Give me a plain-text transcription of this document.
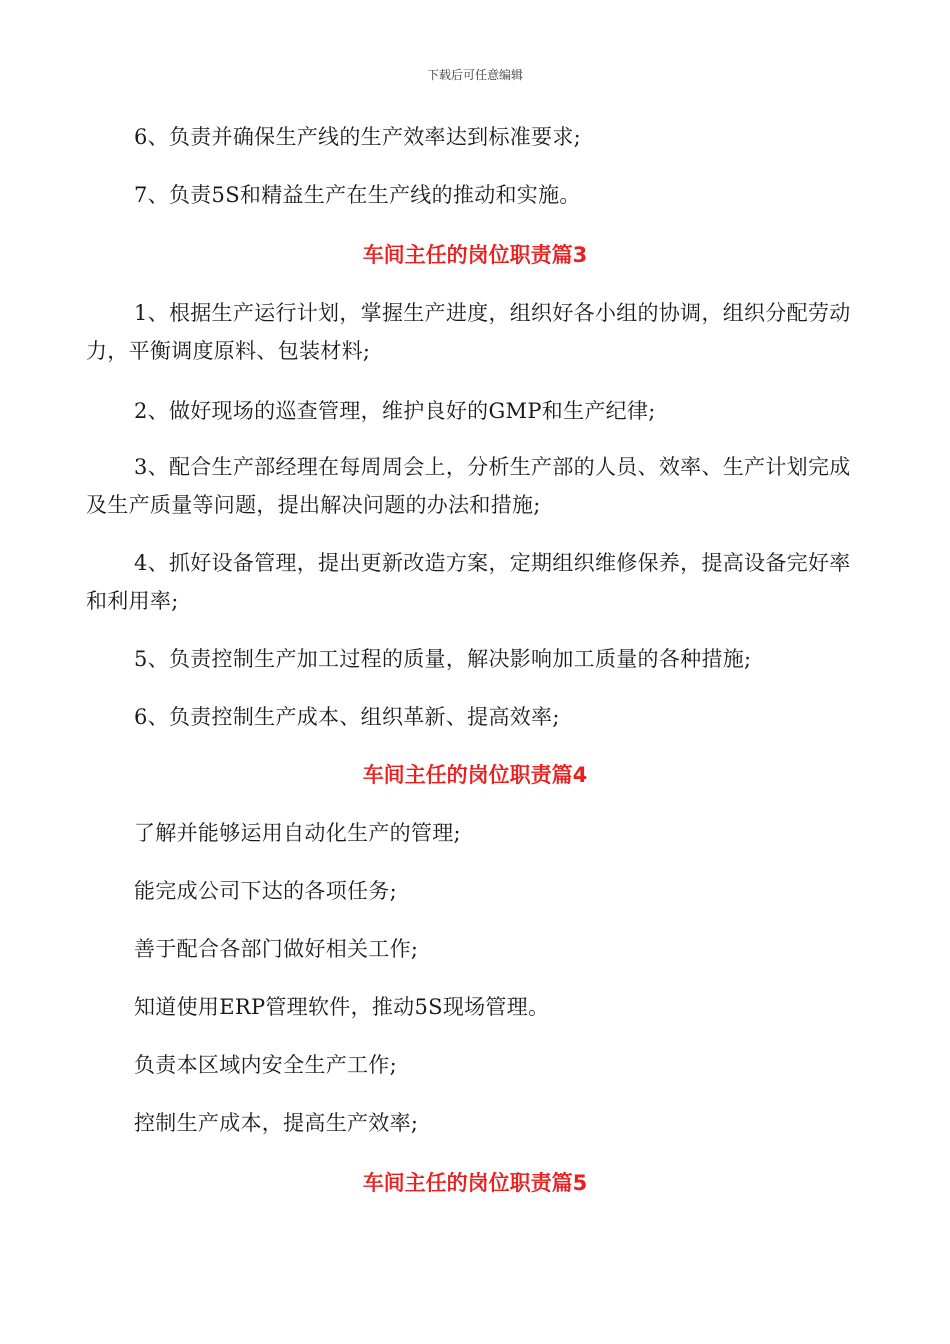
下载后可任意编辑
6、负责并确保生产线的生产效率达到标准要求;
7、负责5S和精益生产在生产线的推动和实施。
车间主任的岗位职责篇3
1、根据生产运行计划，掌握生产进度，组织好各小组的协调，组织分配劳动力，平衡调度原料、包装材料;
2、做好现场的巡查管理，维护良好的GMP和生产纪律;
3、配合生产部经理在每周周会上，分析生产部的人员、效率、生产计划完成及生产质量等问题，提出解决问题的办法和措施;
4、抓好设备管理，提出更新改造方案，定期组织维修保养，提高设备完好率和利用率;
5、负责控制生产加工过程的质量，解决影响加工质量的各种措施;
6、负责控制生产成本、组织革新、提高效率;
车间主任的岗位职责篇4
了解并能够运用自动化生产的管理;
能完成公司下达的各项任务;
善于配合各部门做好相关工作;
知道使用ERP管理软件，推动5S现场管理。
负责本区域内安全生产工作;
控制生产成本，提高生产效率;
车间主任的岗位职责篇5
